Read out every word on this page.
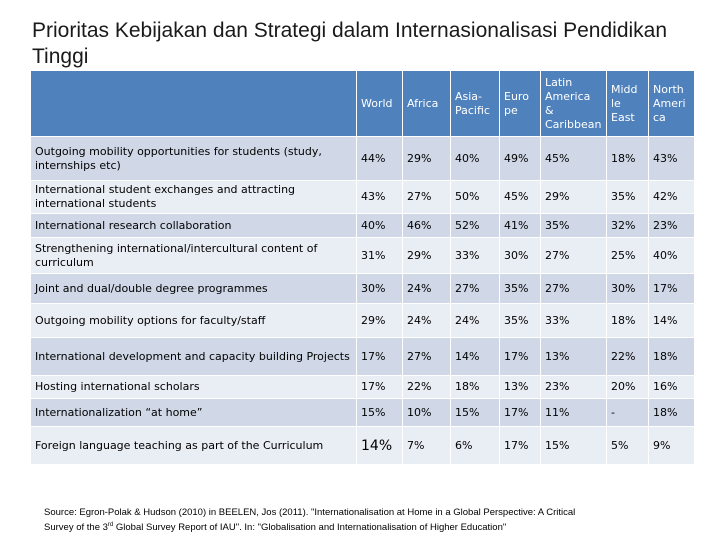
Prioritas Kebijakan dan Strategi dalam Internasionalisasi Pendidikan Tinggi
	World	Africa	Asia-Pacific	Euro pe	Latin America & Caribbean	Midd le East	North Ameri ca
Outgoing mobility opportunities for students (study, internships etc)	44%	29%	40%	49%	45%	18%	43%
International student exchanges and attracting international students	43%	27%	50%	45%	29%	35%	42%
International research collaboration	40%	46%	52%	41%	35%	32%	23%
Strengthening international/intercultural content of curriculum	31%	29%	33%	30%	27%	25%	40%
Joint and dual/double degree programmes	30%	24%	27%	35%	27%	30%	17%
Outgoing mobility options for faculty/staff	29%	24%	24%	35%	33%	18%	14%
International development and capacity building Projects	17%	27%	14%	17%	13%	22%	18%
Hosting international scholars	17%	22%	18%	13%	23%	20%	16%
Internationalization “at home”	15%	10%	15%	17%	11%	-	18%
Foreign language teaching as part of the Curriculum	14%	7%	6%	17%	15%	5%	9%
Source: Egron-Polak & Hudson (2010) in BEELEN, Jos (2011). "Internationalisation at Home in a Global Perspective: A Critical
Survey of the 3rd Global Survey Report of IAU". In: "Globalisation and Internationalisation of Higher Education"
